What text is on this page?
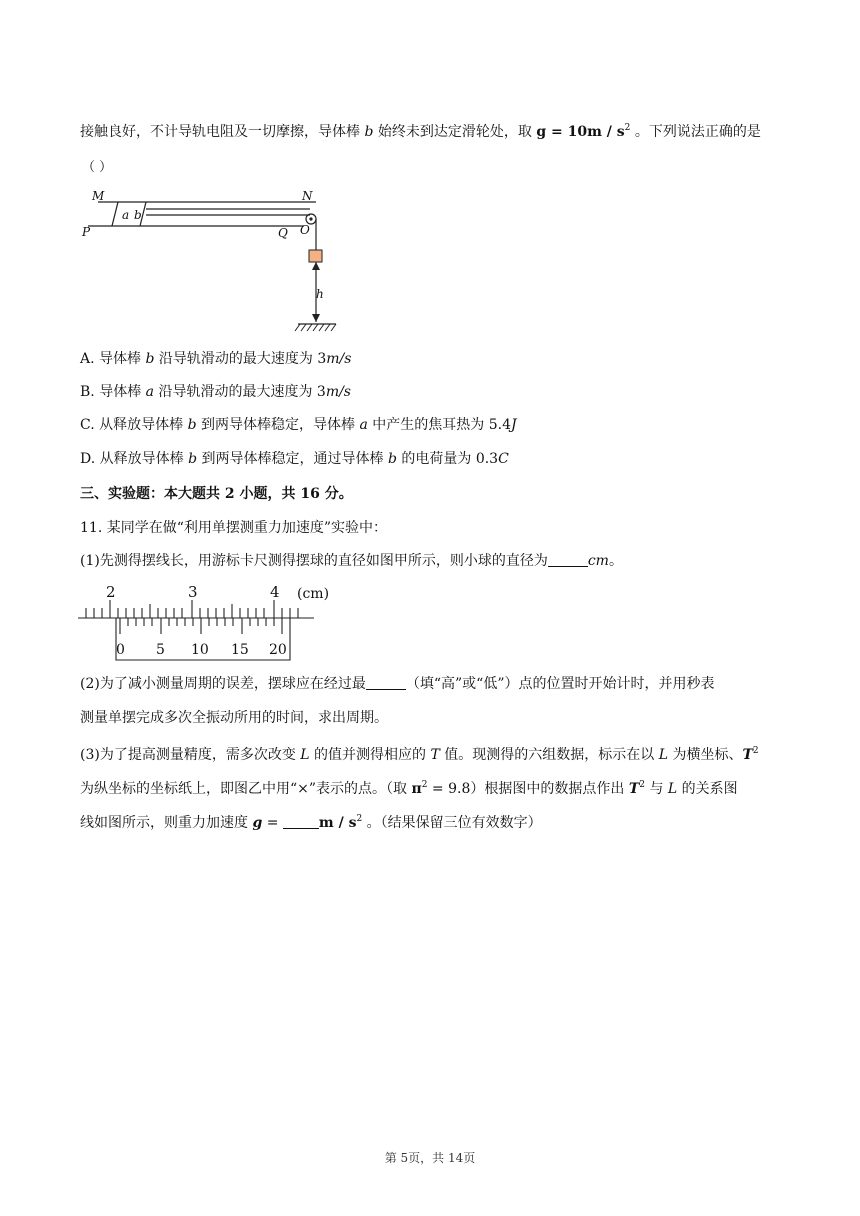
接触良好，不计导轨电阻及一切摩擦，导体棒 b 始终未到达定滑轮处，取 $g = 10m / s^2$ 。下列说法正确的是
（ ）
M	N
a b
P	Q O
h
A. 导体棒 b 沿导轨滑动的最大速度为 3m/s
B. 导体棒 a 沿导轨滑动的最大速度为 3m/s
C. 从释放导体棒 b 到两导体棒稳定，导体棒 a 中产生的焦耳热为 5.4J
D. 从释放导体棒 b 到两导体棒稳定，通过导体棒 b 的电荷量为 0.3C
三、实验题：本大题共 2 小题，共 16 分。
11. 某同学在做“利用单摆测重力加速度”实验中：
(1)先测得摆线长，用游标卡尺测得摆球的直径如图甲所示，则小球的直径为	cm。
2	3	4 (cm)
0 5 10 15 20
(2)为了减小测量周期的误差，摆球应在经过最	（填“高”或“低”）点的位置时开始计时，并用秒表
测量单摆完成多次全振动所用的时间，求出周期。
(3)为了提高测量精度，需多次改变 L 的值并测得相应的 T 值。现测得的六组数据，标示在以 L 为横坐标、$T^2$
为纵坐标的坐标纸上，即图乙中用“×”表示的点。（取 $\pi^2 = 9.8$）根据图中的数据点作出 $T^2$ 与 L 的关系图
线如图所示，则重力加速度 g =	m / $s^2$ 。（结果保留三位有效数字）
第 5页，共 14页
